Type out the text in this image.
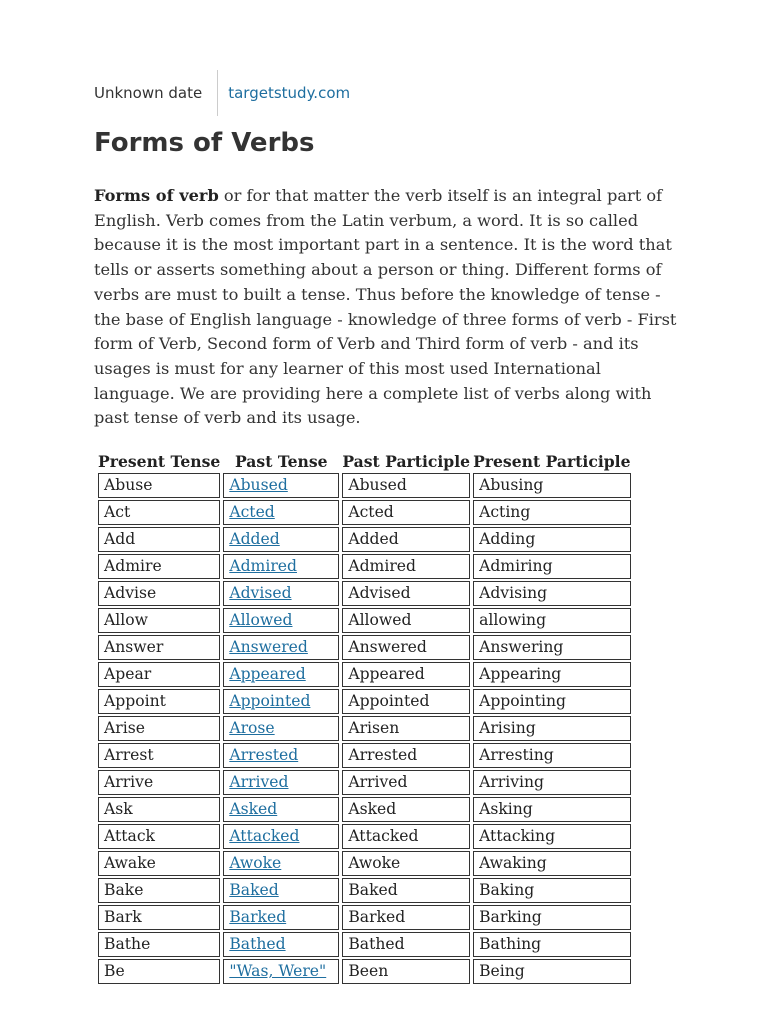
Unknown date	targetstudy.com
Forms of Verbs

Forms of verb or for that matter the verb itself is an integral part of English. Verb comes from the Latin verbum, a word. It is so called because it is the most important part in a sentence. It is the word that tells or asserts something about a person or thing. Different forms of verbs are must to built a tense. Thus before the knowledge of tense - the base of English language - knowledge of three forms of verb - First form of Verb, Second form of Verb and Third form of verb - and its usages is must for any learner of this most used International language. We are providing here a complete list of verbs along with past tense of verb and its usage.

Present Tense	Past Tense	Past Participle	Present Participle
Abuse	Abused	Abused	Abusing
Act	Acted	Acted	Acting
Add	Added	Added	Adding
Admire	Admired	Admired	Admiring
Advise	Advised	Advised	Advising
Allow	Allowed	Allowed	allowing
Answer	Answered	Answered	Answering
Apear	Appeared	Appeared	Appearing
Appoint	Appointed	Appointed	Appointing
Arise	Arose	Arisen	Arising
Arrest	Arrested	Arrested	Arresting
Arrive	Arrived	Arrived	Arriving
Ask	Asked	Asked	Asking
Attack	Attacked	Attacked	Attacking
Awake	Awoke	Awoke	Awaking
Bake	Baked	Baked	Baking
Bark	Barked	Barked	Barking
Bathe	Bathed	Bathed	Bathing
Be	"Was, Were"	Been	Being
